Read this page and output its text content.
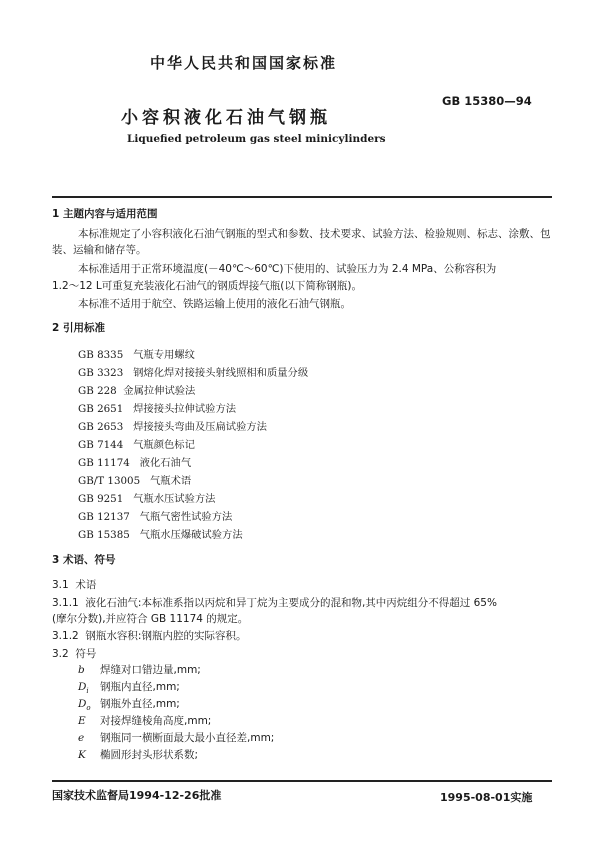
中华人民共和国国家标准
GB 15380—94
小容积液化石油气钢瓶
Liquefied petroleum gas steel minicylinders
1 主题内容与适用范围
本标准规定了小容积液化石油气钢瓶的型式和参数、技术要求、试验方法、检验规则、标志、涂敷、包
装、运输和储存等。
本标准适用于正常环境温度(－40℃～60℃)下使用的、试验压力为 2.4 MPa、公称容积为
1.2～12 L可重复充装液化石油气的钢质焊接气瓶(以下简称钢瓶)。
本标准不适用于航空、铁路运输上使用的液化石油气钢瓶。
2 引用标准
GB 8335 气瓶专用螺纹
GB 3323 钢熔化焊对接接头射线照相和质量分级
GB 228 金属拉伸试验法
GB 2651 焊接接头拉伸试验方法
GB 2653 焊接接头弯曲及压扁试验方法
GB 7144 气瓶颜色标记
GB 11174 液化石油气
GB/T 13005 气瓶术语
GB 9251 气瓶水压试验方法
GB 12137 气瓶气密性试验方法
GB 15385 气瓶水压爆破试验方法
3 术语、符号
3.1 术语
3.1.1 液化石油气:本标准系指以丙烷和异丁烷为主要成分的混和物,其中丙烷组分不得超过 65%
(摩尔分数),并应符合 GB 11174 的规定。
3.1.2 钢瓶水容积:钢瓶内腔的实际容积。
3.2 符号
b 焊缝对口错边量,mm;
$D_i$ 钢瓶内直径,mm;
$D_o$ 钢瓶外直径,mm;
E 对接焊缝棱角高度,mm;
e 钢瓶同一横断面最大最小直径差,mm;
K 椭圆形封头形状系数;
国家技术监督局1994-12-26批准	1995-08-01实施
